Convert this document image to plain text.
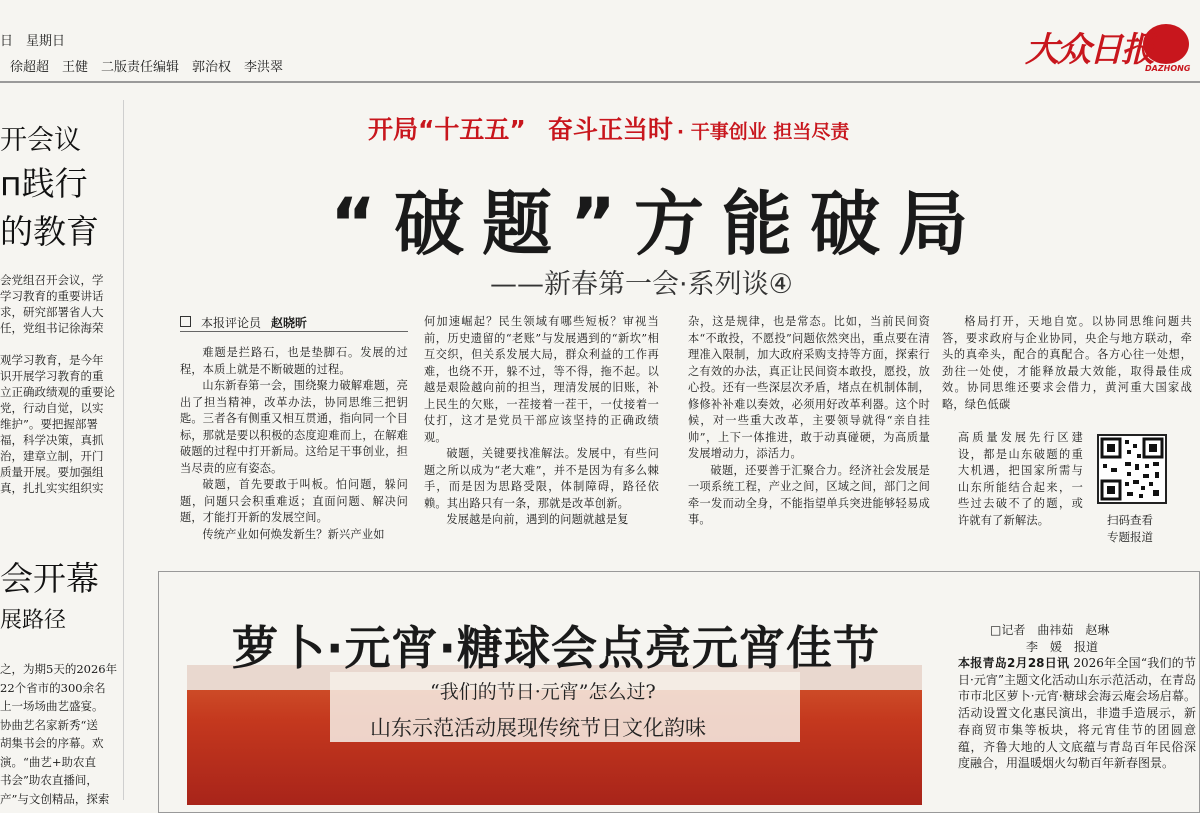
日　星期日
徐超超　王健　二版责任编辑　郭治权　李洪翠	大众日报
DAZHONG
开会议
п践行
的教育
会党组召开会议，学
学习教育的重要讲话
求，研究部署省人大
任，党组书记徐海荣

观学习教育，是今年
识开展学习教育的重
立正确政绩观的重要论
党，行动自觉，以实
维护”。要把握部署
福，科学决策，真抓
治，建章立制，开门
质量开展。要加强组
真，扎扎实实组织实
会开幕
展路径
之，为期5天的2026年
22个省市的300余名
上一场场曲艺盛宴。
协曲艺名家新秀“送
胡集书会的序幕。欢
演。“曲艺+助农直
书会”助农直播间，
产”与文创精品，探索
开局“十五五” 奋斗正当时 · 干事创业 担当尽责
“破题”方能破局
——新春第一会·系列谈④
本报评论员 赵晓昕

难题是拦路石，也是垫脚石。发展的过程，本质上就是不断破题的过程。

山东新春第一会，围绕聚力破解难题，亮出了担当精神，改革办法，协同思维三把钥匙。三者各有侧重又相互贯通，指向同一个目标，那就是要以积极的态度迎难而上，在解难破题的过程中打开新局。这给足干事创业，担当尽责的应有姿态。

破题，首先要敢于叫板。怕问题，躲问题，问题只会积重难返；直面问题、解决问题，才能打开新的发展空间。

传统产业如何焕发新生？新兴产业如

何加速崛起？民生领域有哪些短板？审视当前，历史遗留的“老账”与发展遇到的“新坎”相互交织，但关系发展大局，群众利益的工作再难，也绕不开，躲不过，等不得，拖不起。以越是艰险越向前的担当，理清发展的旧账，补上民生的欠账，一茬接着一茬干，一仗接着一仗打，这才是党员干部应该坚持的正确政绩观。

破题，关键要找准解法。发展中，有些问题之所以成为“老大难”，并不是因为有多么棘手，而是因为思路受限，体制障碍，路径依赖。其出路只有一条，那就是改革创新。

发展越是向前，遇到的问题就越是复

杂，这是规律，也是常态。比如，当前民间资本“不敢投，不愿投”问题依然突出，重点要在清理准入限制，加大政府采购支持等方面，探索行之有效的办法，真正让民间资本敢投，愿投，放心投。还有一些深层次矛盾，堵点在机制体制，修修补补难以奏效，必须用好改革利器。这个时候，对一些重大改革，主要领导就得“亲自挂帅”，上下一体推进，敢于动真碰硬，为高质量发展增动力，添活力。

破题，还要善于汇聚合力。经济社会发展是一项系统工程，产业之间，区域之间，部门之间牵一发而动全身，不能指望单兵突进能够轻易成事。

格局打开，天地自宽。以协同思维问题共答，要求政府与企业协同，央企与地方联动，牵头的真牵头，配合的真配合。各方心往一处想，劲往一处使，才能释放最大效能，取得最佳成效。协同思维还要求会借力，黄河重大国家战略，绿色低碳

高质量发展先行区建设，都是山东破题的重大机遇，把国家所需与山东所能结合起来，一些过去破不了的题，或许就有了新解法。	扫码查看
专题报道
萝卜·元宵·糖球会点亮元宵佳节
“我们的节日·元宵”怎么过?
山东示范活动展现传统节日文化韵味
□记者　曲祎茹　赵琳
　　　李　媛　报道
本报青岛2月28日讯 2026年全国“我们的节日·元宵”主题文化活动山东示范活动，在青岛市市北区萝卜·元宵·糖球会海云庵会场启幕。活动设置文化惠民演出，非遗手造展示，新春商贸市集等板块，将元宵佳节的团圆意蕴，齐鲁大地的人文底蕴与青岛百年民俗深度融合，用温暖烟火勾勒百年新春图景。
